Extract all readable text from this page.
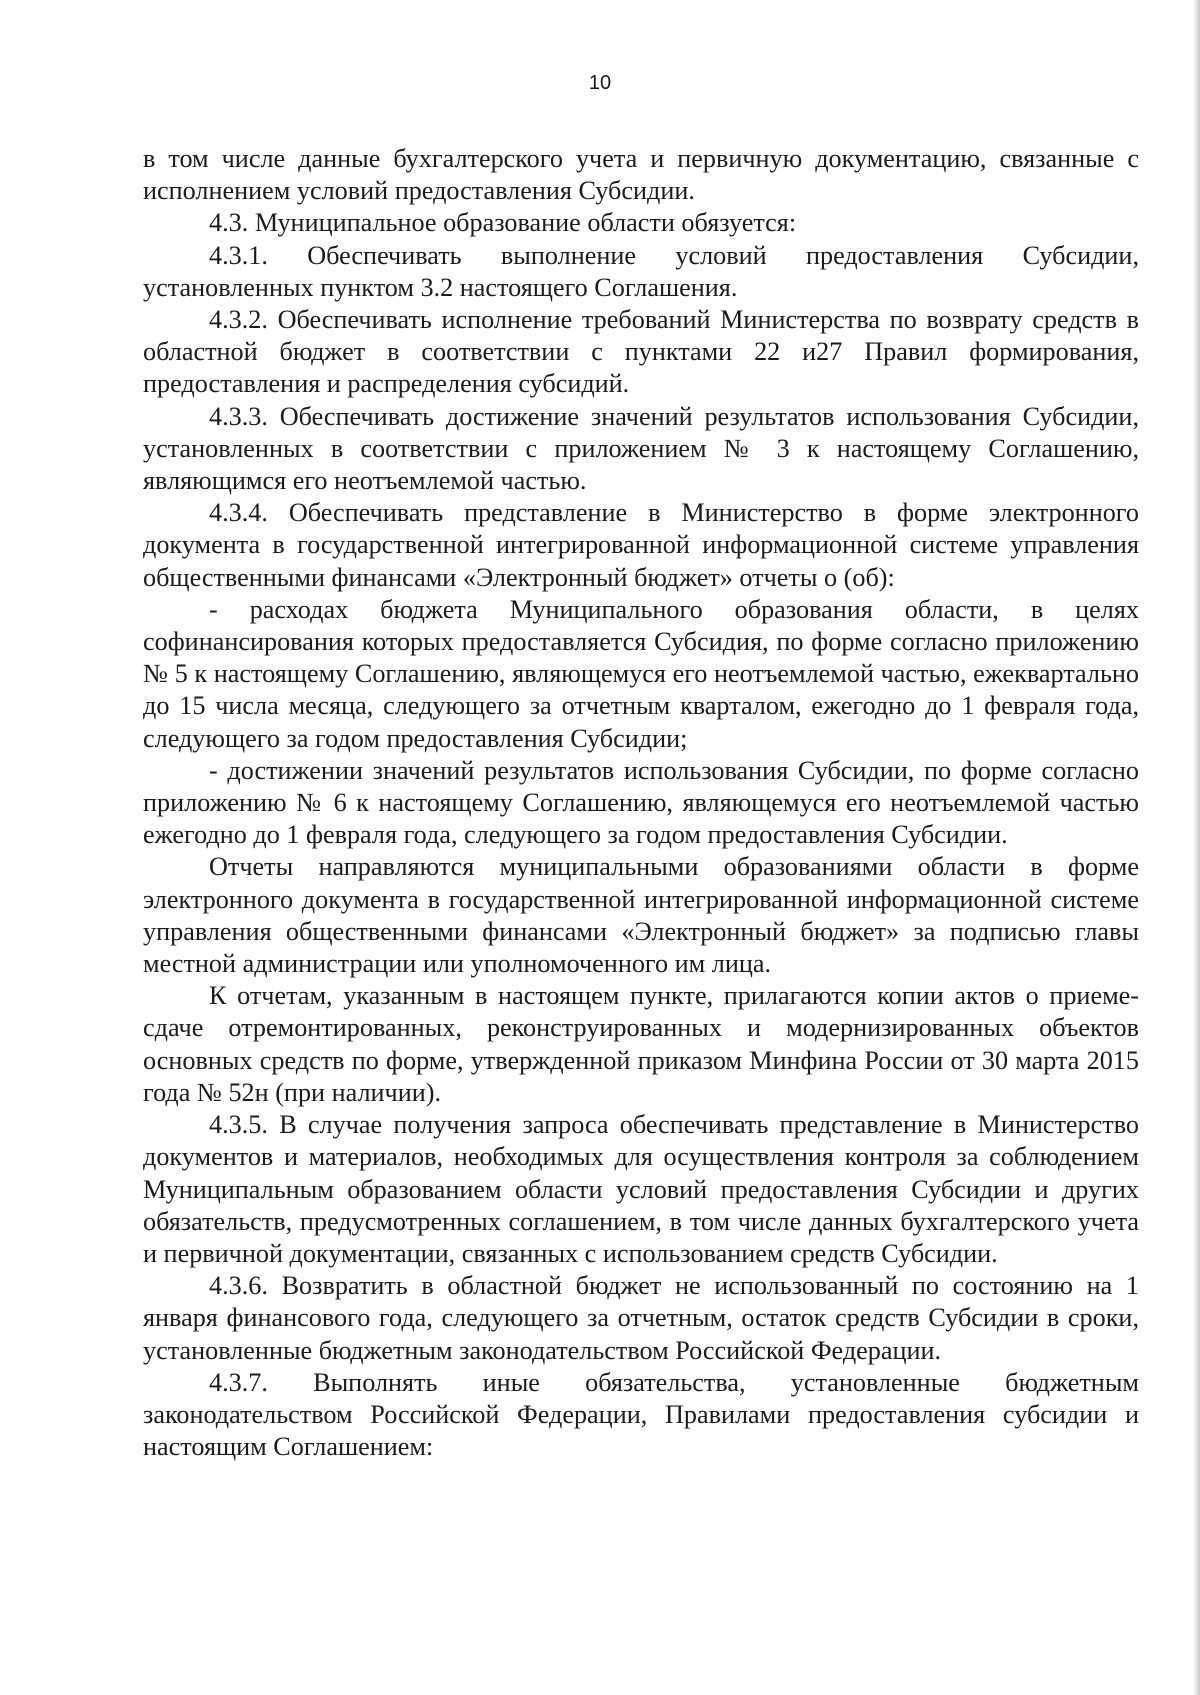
10

в том числе данные бухгалтерского учета и первичную документацию, связанные с исполнением условий предоставления Субсидии.

4.3. Муниципальное образование области обязуется:

4.3.1. Обеспечивать выполнение условий предоставления Субсидии, установленных пунктом 3.2 настоящего Соглашения.

4.3.2. Обеспечивать исполнение требований Министерства по возврату средств в областной бюджет в соответствии с пунктами 22 и27 Правил формирования, предоставления и распределения субсидий.

4.3.3. Обеспечивать достижение значений результатов использования Субсидии, установленных в соответствии с приложением № 3 к настоящему Соглашению, являющимся его неотъемлемой частью.

4.3.4. Обеспечивать представление в Министерство в форме электронного документа в государственной интегрированной информационной системе управления общественными финансами «Электронный бюджет» отчеты о (об):

- расходах бюджета Муниципального образования области, в целях софинансирования которых предоставляется Субсидия, по форме согласно приложению № 5 к настоящему Соглашению, являющемуся его неотъемлемой частью, ежеквартально до 15 числа месяца, следующего за отчетным кварталом, ежегодно до 1 февраля года, следующего за годом предоставления Субсидии;

- достижении значений результатов использования Субсидии, по форме согласно приложению № 6 к настоящему Соглашению, являющемуся его неотъемлемой частью ежегодно до 1 февраля года, следующего за годом предоставления Субсидии.

Отчеты направляются муниципальными образованиями области в форме электронного документа в государственной интегрированной информационной системе управления общественными финансами «Электронный бюджет» за подписью главы местной администрации или уполномоченного им лица.

К отчетам, указанным в настоящем пункте, прилагаются копии актов о приеме-сдаче отремонтированных, реконструированных и модернизированных объектов основных средств по форме, утвержденной приказом Минфина России от 30 марта 2015 года № 52н (при наличии).

4.3.5. В случае получения запроса обеспечивать представление в Министерство документов и материалов, необходимых для осуществления контроля за соблюдением Муниципальным образованием области условий предоставления Субсидии и других обязательств, предусмотренных соглашением, в том числе данных бухгалтерского учета и первичной документации, связанных с использованием средств Субсидии.

4.3.6. Возвратить в областной бюджет не использованный по состоянию на 1 января финансового года, следующего за отчетным, остаток средств Субсидии в сроки, установленные бюджетным законодательством Российской Федерации.

4.3.7. Выполнять иные обязательства, установленные бюджетным законодательством Российской Федерации, Правилами предоставления субсидии и настоящим Соглашением:
